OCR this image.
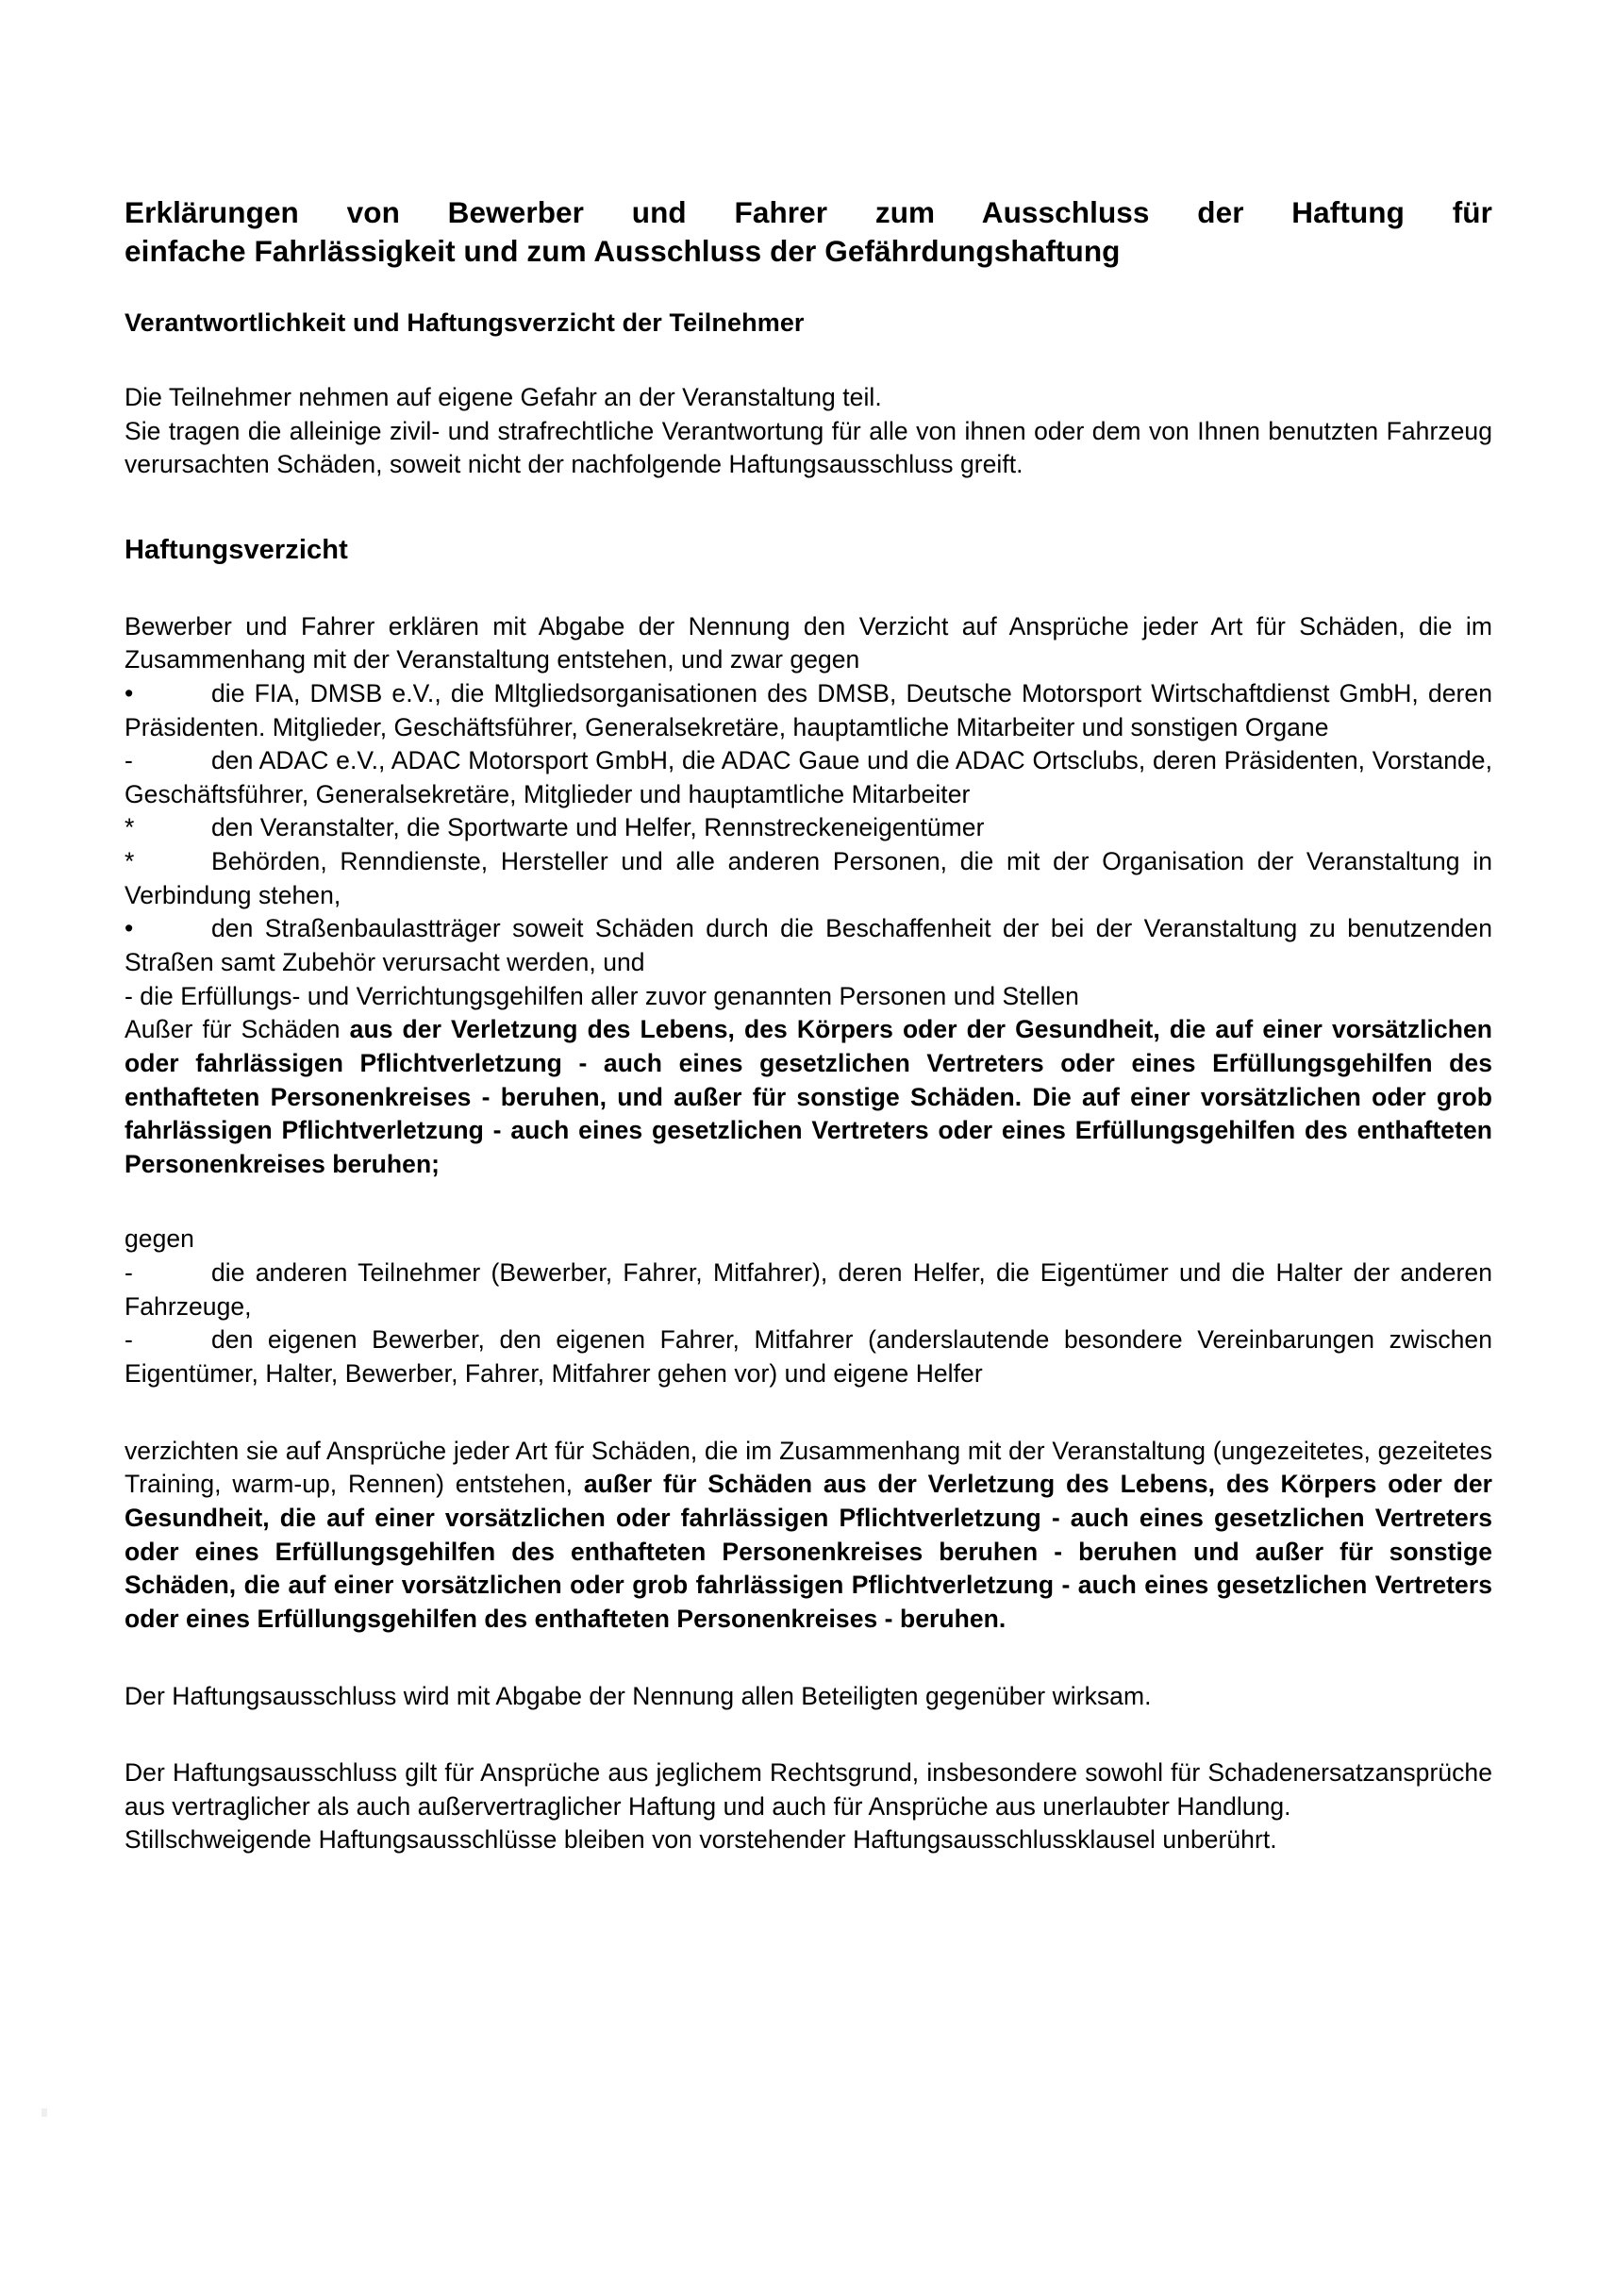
Erklärungen von Bewerber und Fahrer zum Ausschluss der Haftung für
einfache Fahrlässigkeit und zum Ausschluss der Gefährdungshaftung
Verantwortlichkeit und Haftungsverzicht der Teilnehmer

Die Teilnehmer nehmen auf eigene Gefahr an der Veranstaltung teil.

Sie tragen die alleinige zivil- und strafrechtliche Verantwortung für alle von ihnen oder dem von Ihnen benutzten Fahrzeug verursachten Schäden, soweit nicht der nachfolgende Haftungsausschluss greift.

Haftungsverzicht

Bewerber und Fahrer erklären mit Abgabe der Nennung den Verzicht auf Ansprüche jeder Art für Schäden, die im Zusammenhang mit der Veranstaltung entstehen, und zwar gegen

•	die FIA, DMSB e.V., die Mltgliedsorganisationen des DMSB, Deutsche Motorsport Wirtschaftdienst GmbH, deren Präsidenten. Mitglieder, Geschäftsführer, Generalsekretäre, hauptamtliche Mitarbeiter und sonstigen Organe

-	den ADAC e.V., ADAC Motorsport GmbH, die ADAC Gaue und die ADAC Ortsclubs, deren Präsidenten, Vorstande, Geschäftsführer, Generalsekretäre, Mitglieder und hauptamtliche Mitarbeiter

*	den Veranstalter, die Sportwarte und Helfer, Rennstreckeneigentümer

*	Behörden, Renndienste, Hersteller und alle anderen Personen, die mit der Organisation der Veranstaltung in Verbindung stehen,

•	den Straßenbaulastträger soweit Schäden durch die Beschaffenheit der bei der Veranstaltung zu benutzenden Straßen samt Zubehör verursacht werden, und

- die Erfüllungs- und Verrichtungsgehilfen aller zuvor genannten Personen und Stellen

Außer für Schäden aus der Verletzung des Lebens, des Körpers oder der Gesundheit, die auf einer vorsätzlichen oder fahrlässigen Pflichtverletzung - auch eines gesetzlichen Vertreters oder eines Erfüllungsgehilfen des enthafteten Personenkreises - beruhen, und außer für sonstige Schäden. Die auf einer vorsätzlichen oder grob fahrlässigen Pflichtverletzung - auch eines gesetzlichen Vertreters oder eines Erfüllungsgehilfen des enthafteten Personenkreises beruhen;

gegen

-	die anderen Teilnehmer (Bewerber, Fahrer, Mitfahrer), deren Helfer, die Eigentümer und die Halter der anderen Fahrzeuge,

-	den eigenen Bewerber, den eigenen Fahrer, Mitfahrer (anderslautende besondere Vereinbarungen zwischen Eigentümer, Halter, Bewerber, Fahrer, Mitfahrer gehen vor) und eigene Helfer

verzichten sie auf Ansprüche jeder Art für Schäden, die im Zusammenhang mit der Veranstaltung (ungezeitetes, gezeitetes Training, warm-up, Rennen) entstehen, außer für Schäden aus der Verletzung des Lebens, des Körpers oder der Gesundheit, die auf einer vorsätzlichen oder fahrlässigen Pflichtverletzung - auch eines gesetzlichen Vertreters oder eines Erfüllungsgehilfen des enthafteten Personenkreises beruhen - beruhen und außer für sonstige Schäden, die auf einer vorsätzlichen oder grob fahrlässigen Pflichtverletzung - auch eines gesetzlichen Vertreters oder eines Erfüllungsgehilfen des enthafteten Personenkreises - beruhen.

Der Haftungsausschluss wird mit Abgabe der Nennung allen Beteiligten gegenüber wirksam.

Der Haftungsausschluss gilt für Ansprüche aus jeglichem Rechtsgrund, insbesondere sowohl für Schadenersatzansprüche aus vertraglicher als auch außervertraglicher Haftung und auch für Ansprüche aus unerlaubter Handlung.

Stillschweigende Haftungsausschlüsse bleiben von vorstehender Haftungsausschlussklausel unberührt.
